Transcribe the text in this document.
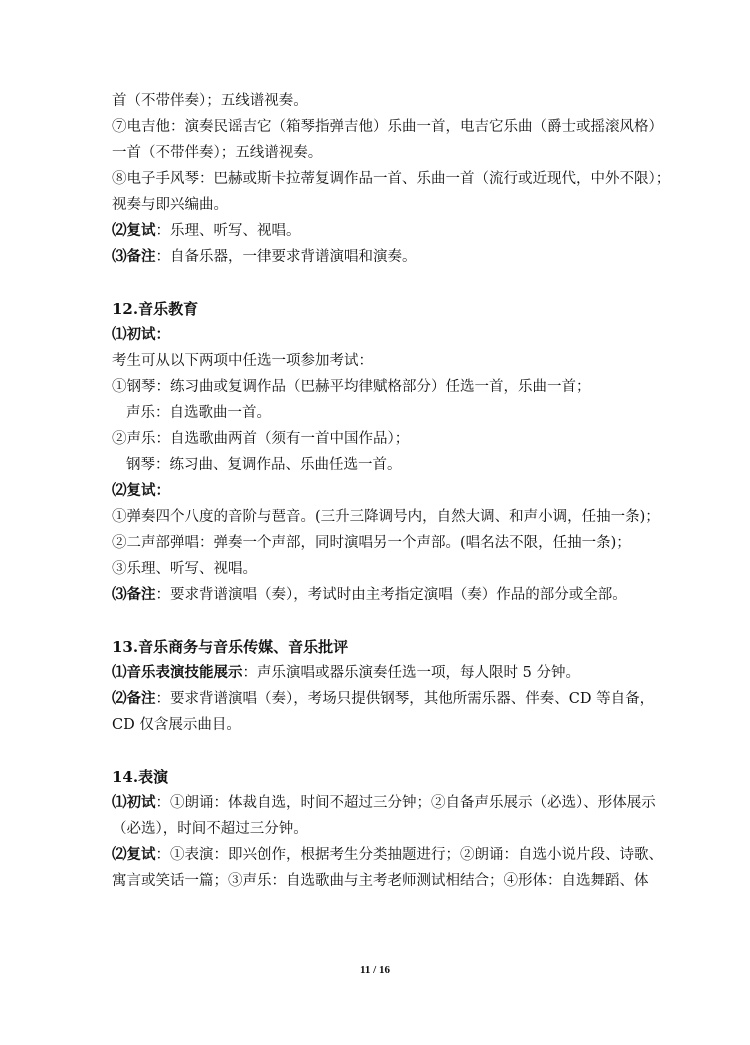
首（不带伴奏）；五线谱视奏。
⑦电吉他：演奏民谣吉它（箱琴指弹吉他）乐曲一首，电吉它乐曲（爵士或摇滚风格）
一首（不带伴奏）；五线谱视奏。
⑧电子手风琴：巴赫或斯卡拉蒂复调作品一首、乐曲一首（流行或近现代，中外不限）；
视奏与即兴编曲。
⑵复试：乐理、听写、视唱。
⑶备注：自备乐器，一律要求背谱演唱和演奏。
12.音乐教育
⑴初试：
考生可从以下两项中任选一项参加考试：
①钢琴：练习曲或复调作品（巴赫平均律赋格部分）任选一首，乐曲一首；
声乐：自选歌曲一首。
②声乐：自选歌曲两首（须有一首中国作品）；
钢琴：练习曲、复调作品、乐曲任选一首。
⑵复试：
①弹奏四个八度的音阶与琶音。(三升三降调号内，自然大调、和声小调，任抽一条)；
②二声部弹唱：弹奏一个声部，同时演唱另一个声部。(唱名法不限，任抽一条)；
③乐理、听写、视唱。
⑶备注：要求背谱演唱（奏），考试时由主考指定演唱（奏）作品的部分或全部。
13.音乐商务与音乐传媒、音乐批评
⑴音乐表演技能展示：声乐演唱或器乐演奏任选一项，每人限时 5 分钟。
⑵备注：要求背谱演唱（奏），考场只提供钢琴，其他所需乐器、伴奏、CD 等自备，
CD 仅含展示曲目。
14.表演
⑴初试：①朗诵：体裁自选，时间不超过三分钟；②自备声乐展示（必选）、形体展示
（必选），时间不超过三分钟。
⑵复试：①表演：即兴创作，根据考生分类抽题进行；②朗诵：自选小说片段、诗歌、
寓言或笑话一篇；③声乐：自选歌曲与主考老师测试相结合；④形体：自选舞蹈、体
11 / 16
